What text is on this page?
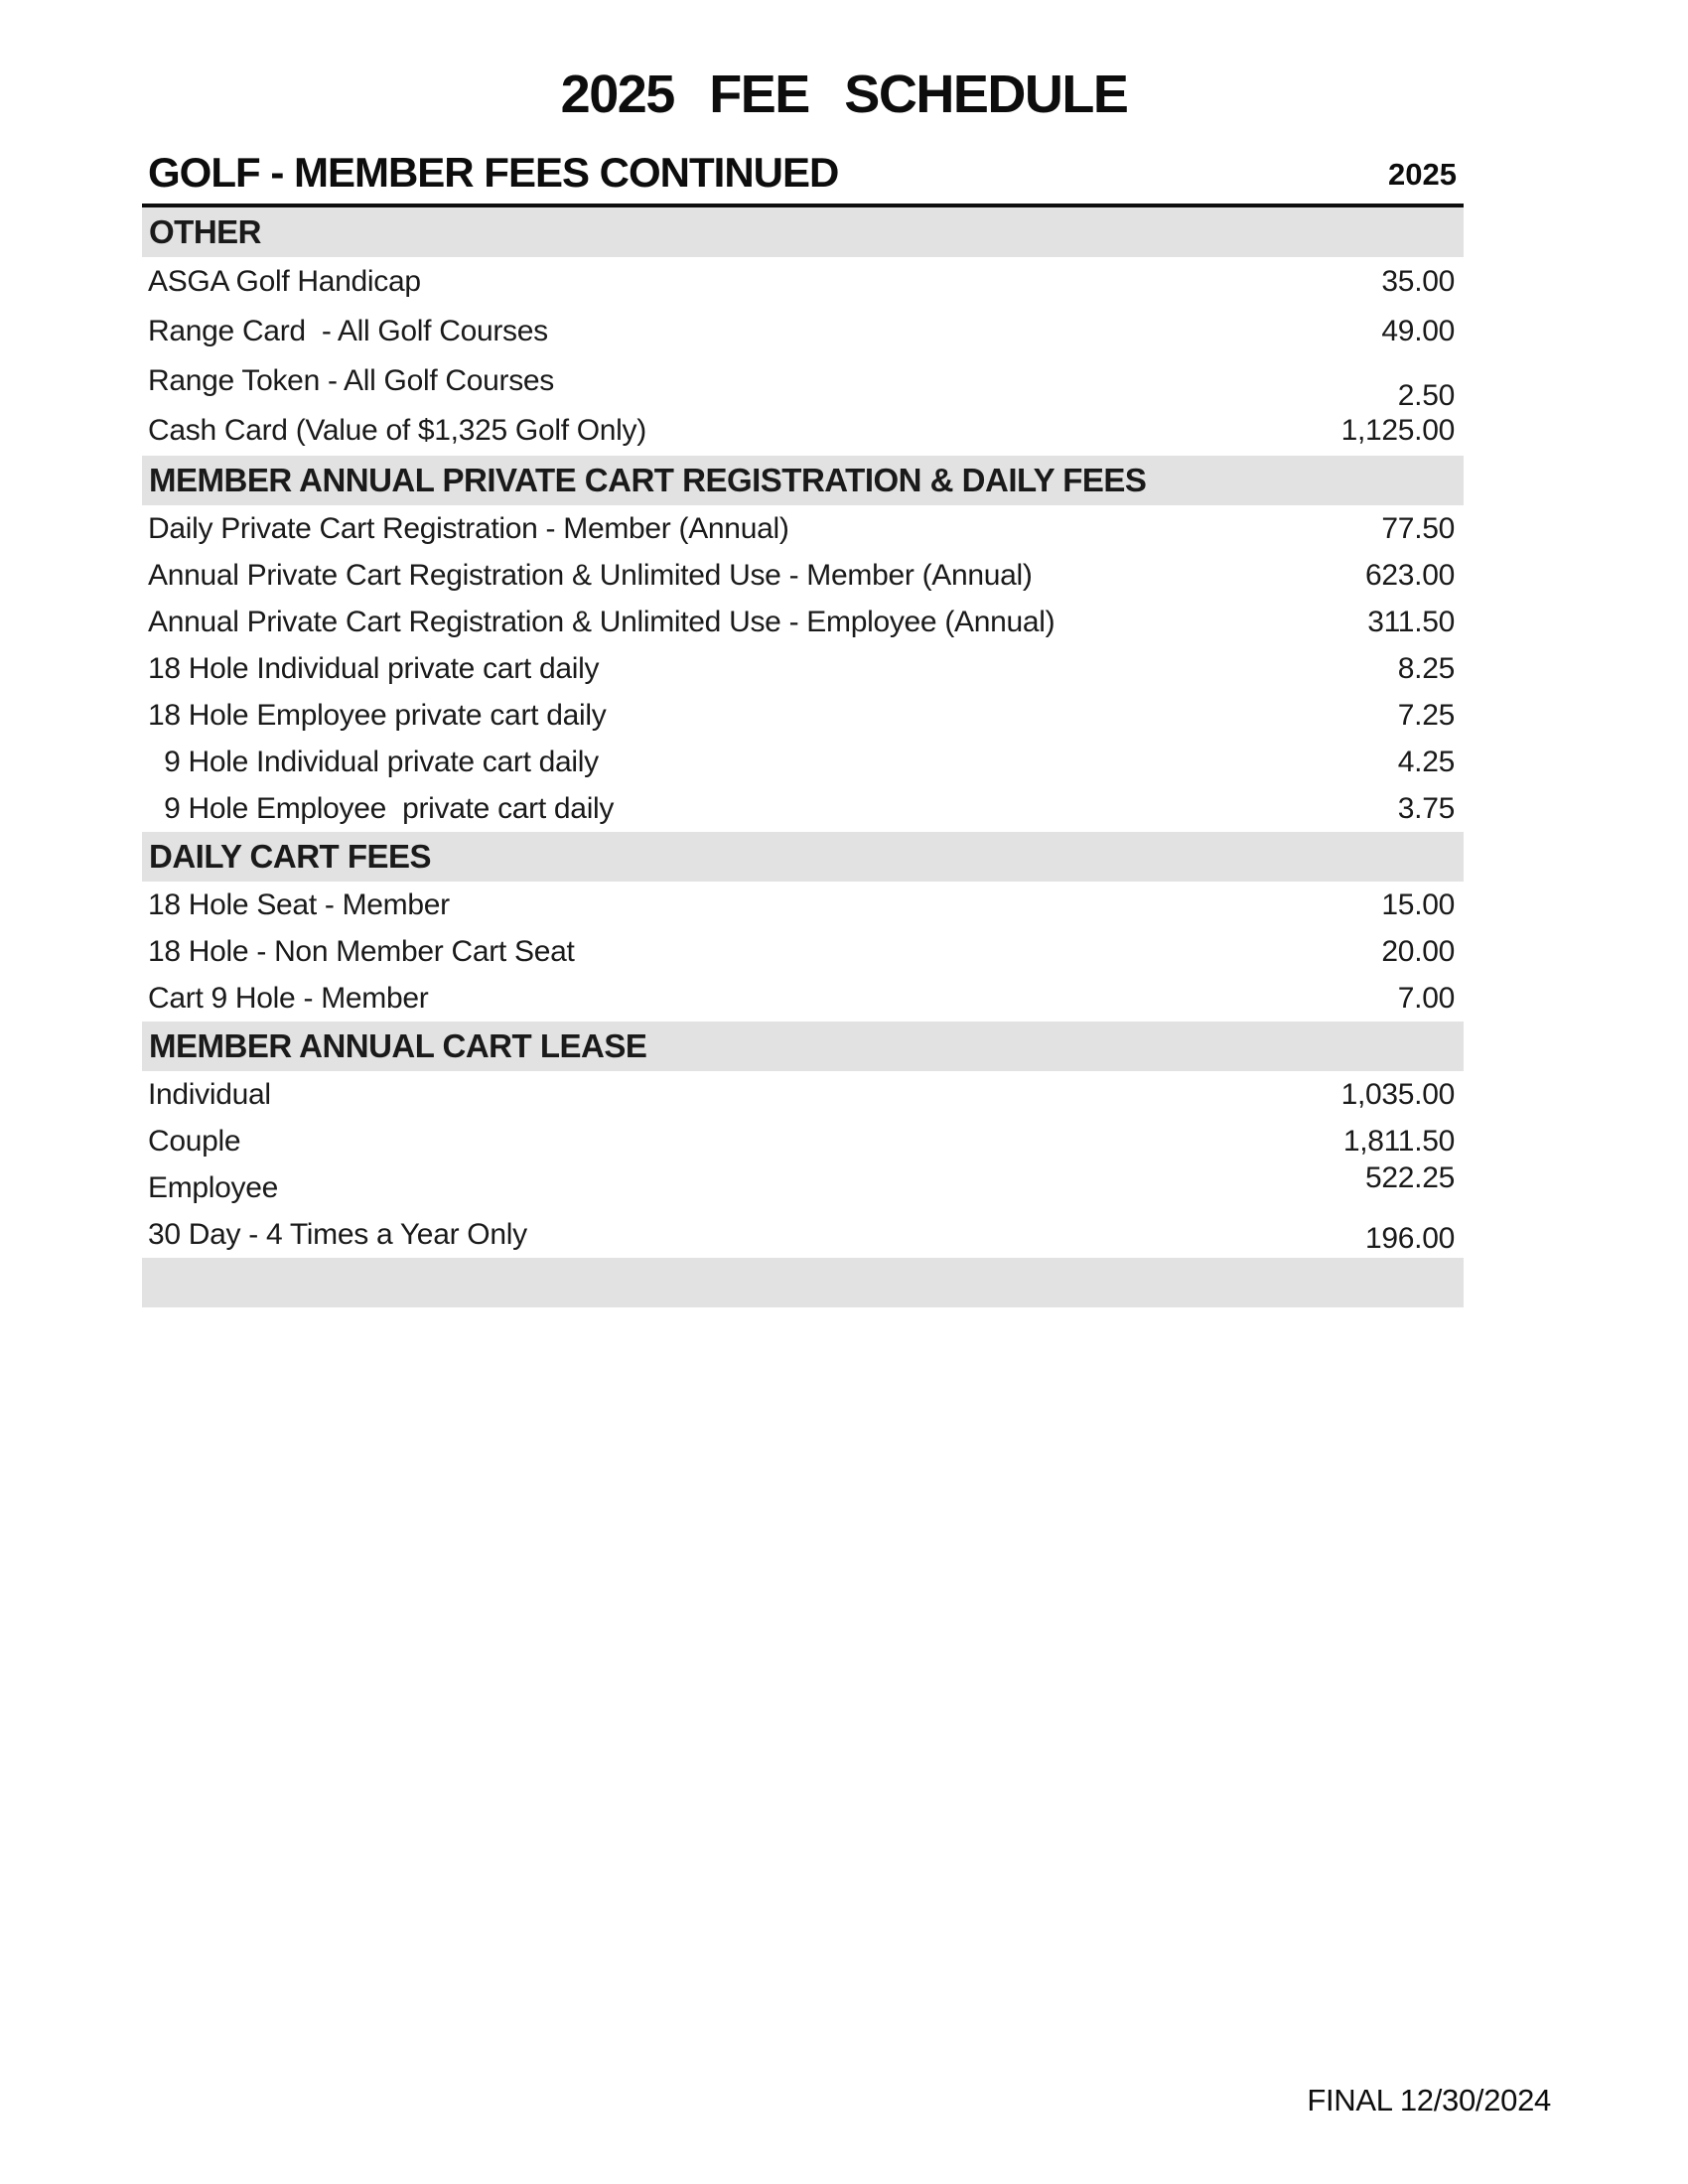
2025 FEE SCHEDULE
GOLF - MEMBER FEES CONTINUED	2025
OTHER
ASGA Golf Handicap	35.00
Range Card  - All Golf Courses	49.00
Range Token - All Golf Courses	2.50
Cash Card (Value of $1,325 Golf Only)	1,125.00
MEMBER ANNUAL PRIVATE CART REGISTRATION & DAILY FEES
Daily Private Cart Registration - Member (Annual)	77.50
Annual Private Cart Registration & Unlimited Use - Member (Annual)	623.00
Annual Private Cart Registration & Unlimited Use - Employee (Annual)	311.50
18 Hole Individual private cart daily	8.25
18 Hole Employee private cart daily	7.25
9 Hole Individual private cart daily	4.25
9 Hole Employee  private cart daily	3.75
DAILY CART FEES
18 Hole Seat - Member	15.00
18 Hole - Non Member Cart Seat	20.00
Cart 9 Hole - Member	7.00
MEMBER ANNUAL CART LEASE
Individual	1,035.00
Couple	1,811.50
Employee	522.25
30 Day - 4 Times a Year Only	196.00
FINAL 12/30/2024
